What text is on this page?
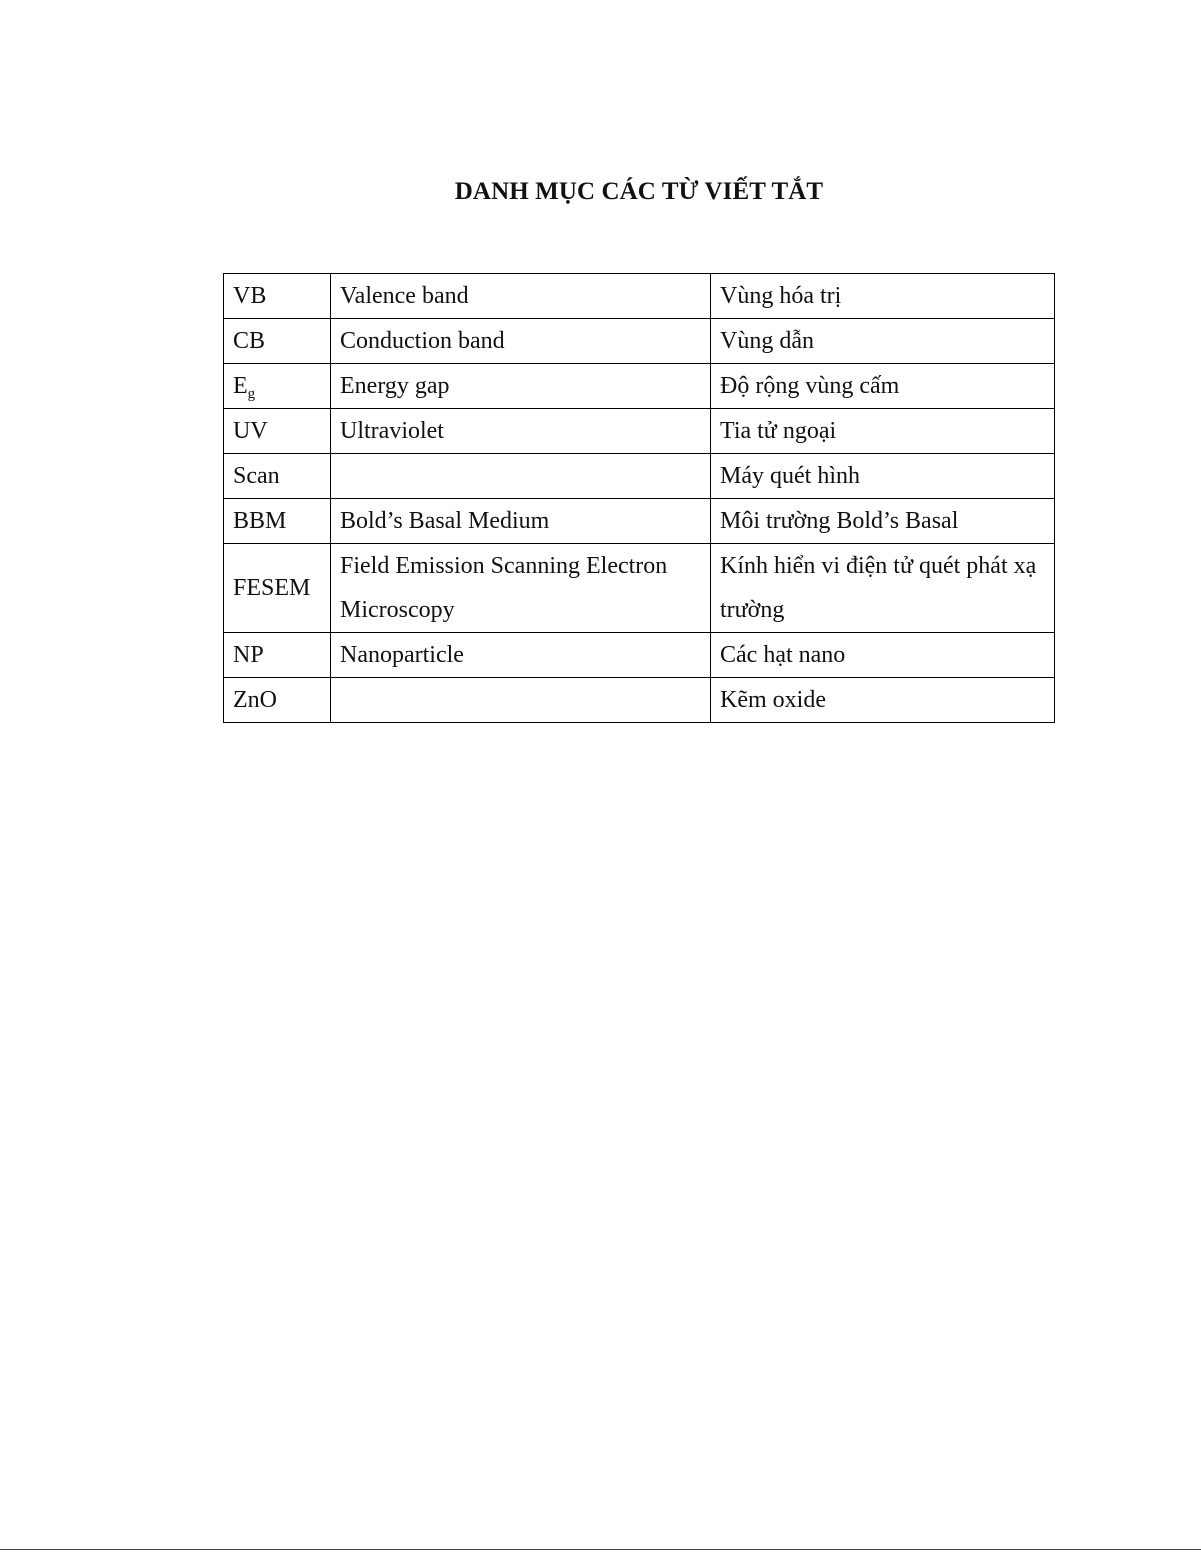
DANH MỤC CÁC TỪ VIẾT TẮT
VB	Valence band	Vùng hóa trị
CB	Conduction band	Vùng dẫn
$E_g$	Energy gap	Độ rộng vùng cấm
UV	Ultraviolet	Tia tử ngoại
Scan		Máy quét hình
BBM	Bold’s Basal Medium	Môi trường Bold’s Basal
FESEM	Field Emission Scanning Electron Microscopy	Kính hiển vi điện tử quét phát xạ trường
NP	Nanoparticle	Các hạt nano
ZnO		Kẽm oxide
